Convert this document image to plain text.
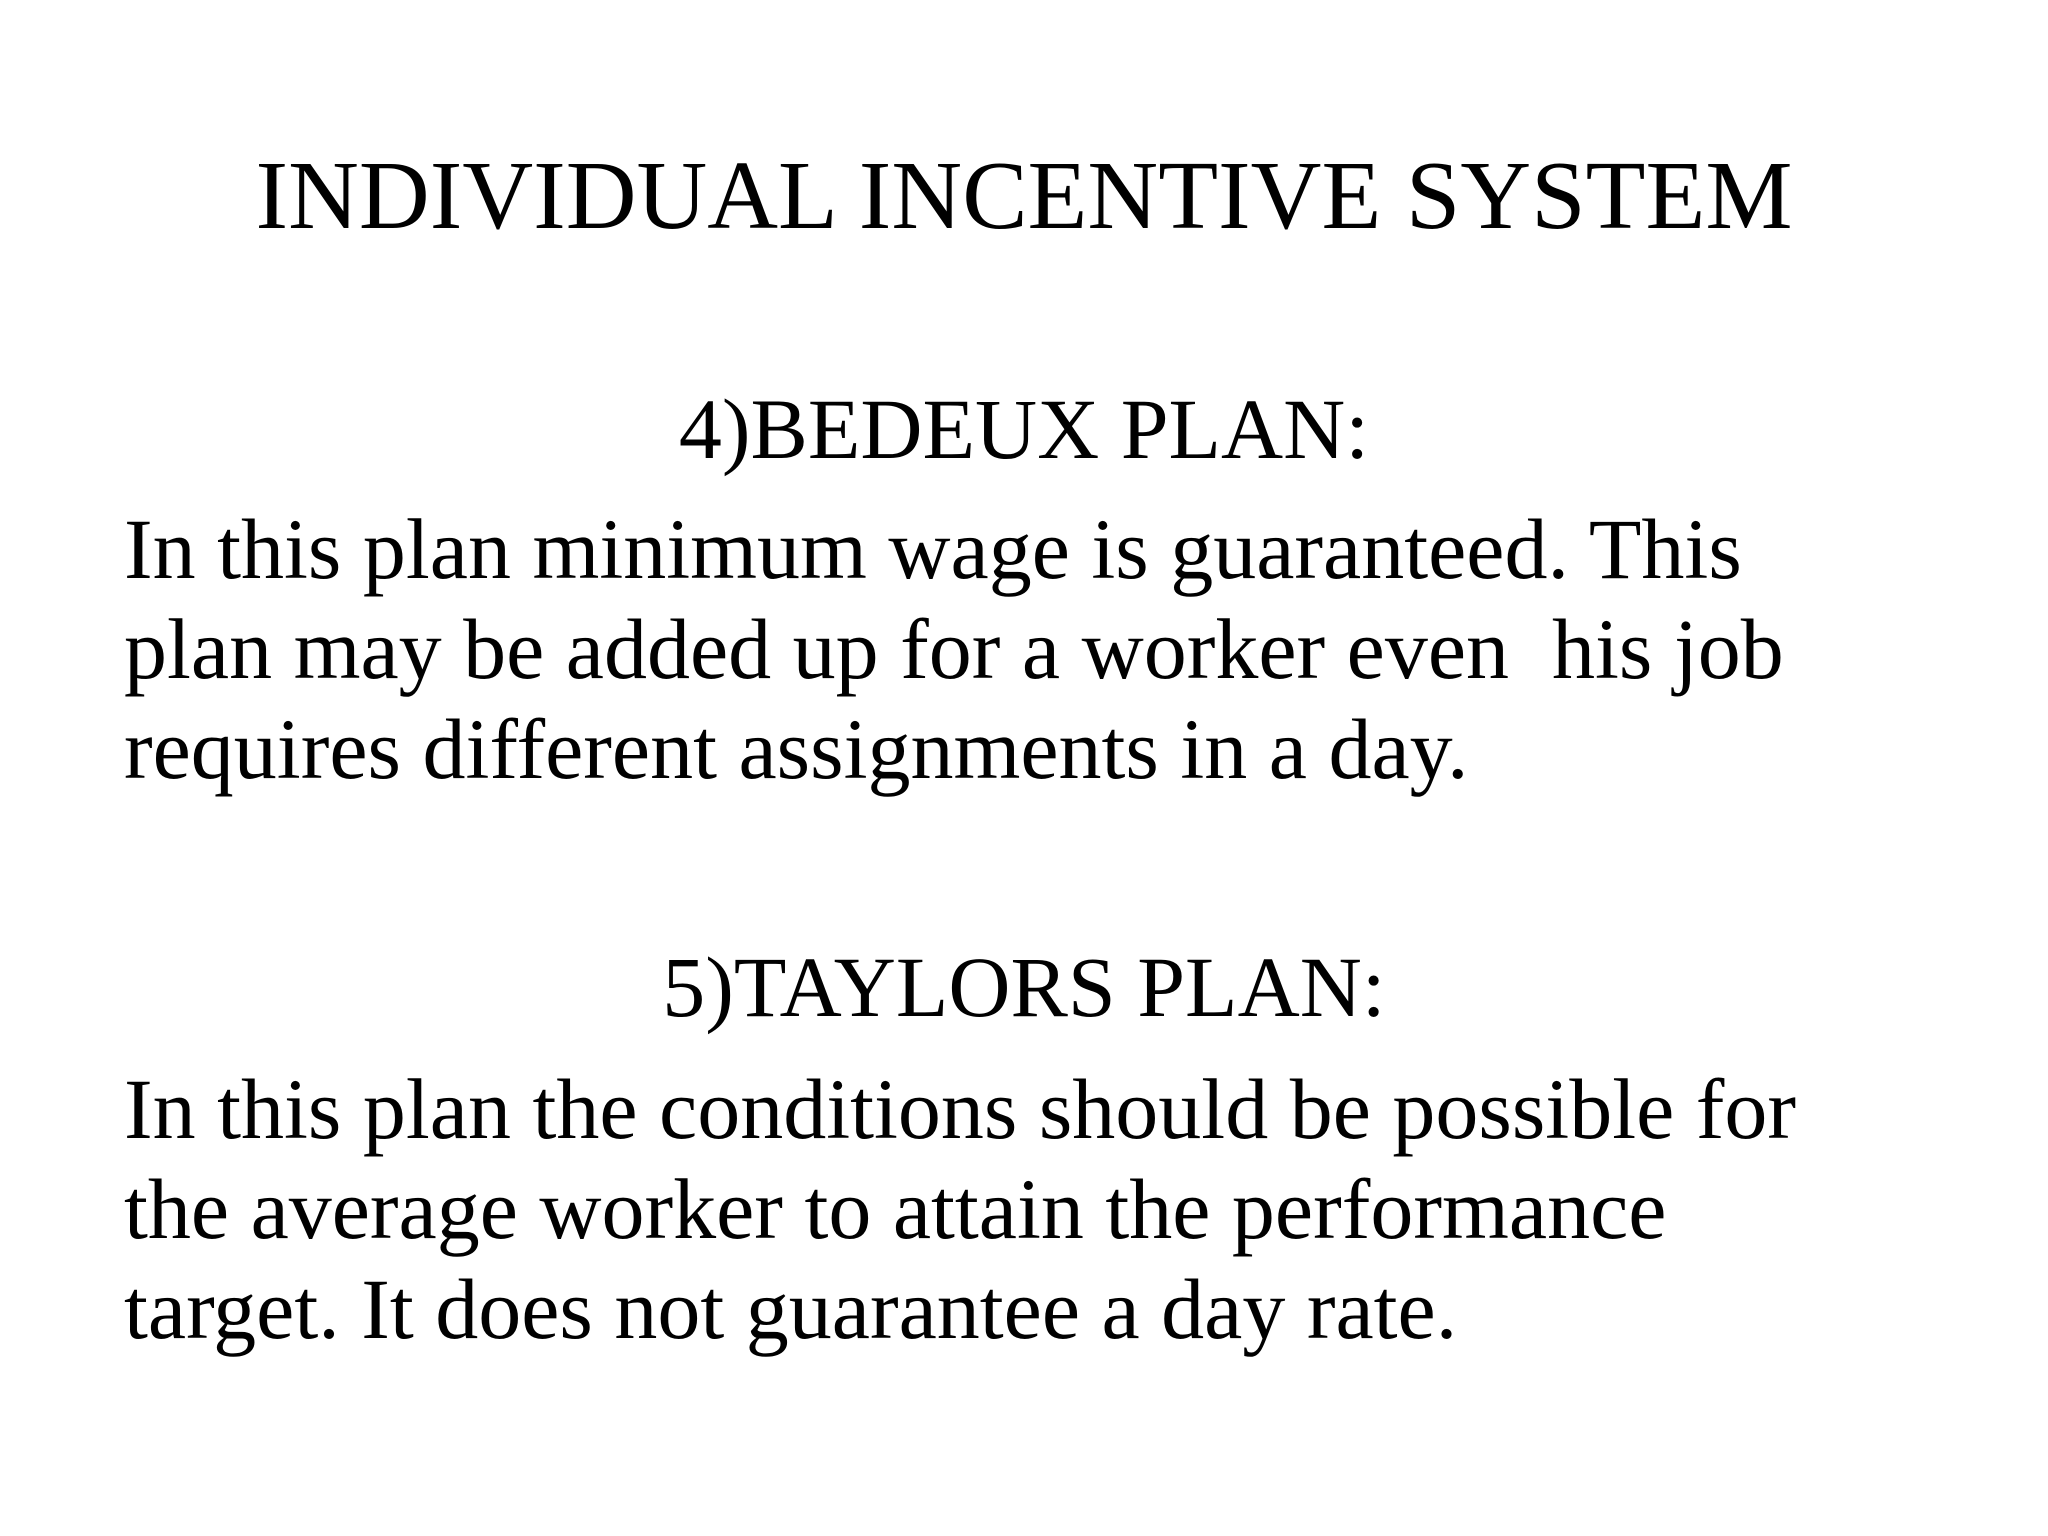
INDIVIDUAL INCENTIVE SYSTEM
4)BEDEUX PLAN:
In this plan minimum wage is guaranteed. This
plan may be added up for a worker even  his job
requires different assignments in a day.
5)TAYLORS PLAN:
In this plan the conditions should be possible for
the average worker to attain the performance
target. It does not guarantee a day rate.
